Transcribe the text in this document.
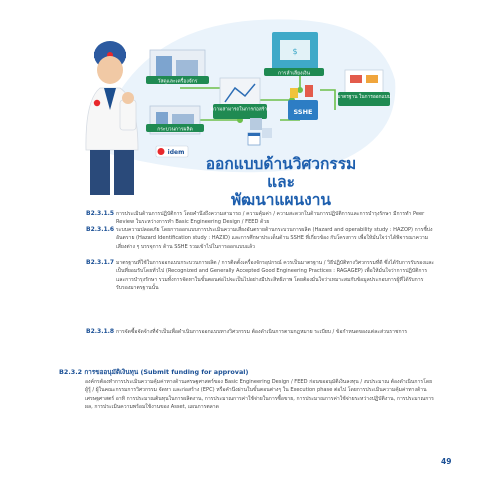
วัสดุและเครื่องจักร
$
การลำเลียงเงิน
ความสามารถในการก่อสร้าง	SSHE
มาตรฐาน ในการออกแบบ
กระบวนการผลิต
idem
ออกแบบด้านวิศวกรรมและ
พัฒนาแผนงาน
B2.3.1.5 การประเมินด้านการปฏิบัติการ โดยคำนึงถึงความสามารถ / ความคุ้มค่า / ความสะดวกในด้านการปฏิบัติการและการบำรุงรักษา มีการทำ Peer Review ในระหว่างการทำ Basic Engineering Design / FEED ด้วย
B2.3.1.6 ระบบความปลอดภัย โดยการออกแบบการประเมินความเสี่ยงอันตรายด้านกระบวนการผลิต (Hazard and operability study : HAZOP) การชี้บ่งอันตราย (Hazard Identification study : HAZID) และการศึกษาประเด็นด้าน SSHE ที่เกี่ยวข้อง กับโครงการ เพื่อให้มั่นใจว่าได้พิจารณาความเสี่ยงต่าง ๆ บรรจุการ ด้าน SSHE รวมเข้าไปในการออกแบบแล้ว
B2.3.1.7 มาตรฐานที่ใช้ในการออกแบบกระบวนการผลิต / การติดตั้งเครื่องจักรอุปกรณ์ ควรเป็นมาตรฐาน / วิธีปฏิบัติทางวิศวกรรมที่ดี ซึ่งได้รับการรับรองและเป็นที่ยอมรับโดยทั่วไป (Recognized and Generally Accepted Good Engineering Practices : RAGAGEP) เพื่อให้มั่นใจว่าการปฏิบัติการและการบำรุงรักษา รวมทั้งการจัดหาในขั้นตอนต่อไปจะเป็นไปอย่างมีประสิทธิภาพ โดยต้องมั่นใจว่าเหมาะสมกับข้อมูลประกอบการผู้ที่ได้รับการรับรองมาตรฐานนั้น
B2.3.1.8 การจัดซื้อจัดจ้างที่จำเป็นเพื่อดำเนินการออกแบบทางวิศวกรรม ต้องดำเนินการตามกฎหมาย ระเบียบ / ข้อกำหนดของแต่ละส่วนราชการ
B2.3.2 การขออนุมัติเงินทุน (Submit funding for approval)
องค์กรต้องทำการประเมินความคุ้มค่าทางด้านเศรษฐศาสตร์ของ Basic Engineering Design / FEED ก่อนขออนุมัติเงินลงทุน / งบประมาณ ต้องดำเนินการโดยผู้รู้ / ผู้ในคณะกรรมการวิศวกรรม จัดหา และก่อสร้าง (EPC) หรือคำนึงผ่านในขั้นตอนต่างๆ ใน Execution phase ต่อไป โดยการประเมินความคุ้มค่าทางด้านเศรษฐศาสตร์ อาทิ การประมาณต้นทุนในการผลิตงาน, การประมาณการค่าใช้จ่ายในการซื้อขาย, การประมาณการค่าใช้จ่ายระหว่างปฏิบัติงาน, การประมาณการผล, การประเมินความพร้อมใช้งานของ Asset, แผนการตลาด
49
